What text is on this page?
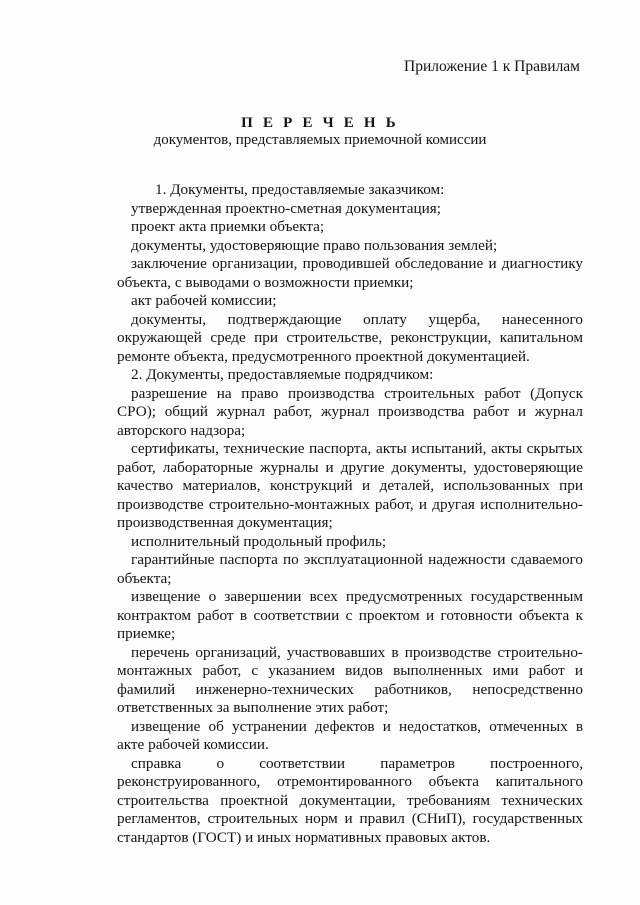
Приложение 1 к Правилам
П Е Р Е Ч Е Н Ь
документов, представляемых приемочной комиссии

1. Документы, предоставляемые заказчиком:

утвержденная проектно-сметная документация;

проект акта приемки объекта;

документы, удостоверяющие право пользования землей;

заключение организации, проводившей обследование и диагностику объекта, с выводами о возможности приемки;

акт рабочей комиссии;

документы, подтверждающие оплату ущерба, нанесенного окружающей среде при строительстве, реконструкции, капитальном ремонте объекта, предусмотренного проектной документацией.

2. Документы, предоставляемые подрядчиком:

разрешение на право производства строительных работ (Допуск СРО); общий журнал работ, журнал производства работ и журнал авторского надзора;

сертификаты, технические паспорта, акты испытаний, акты скрытых работ, лабораторные журналы и другие документы, удостоверяющие качество материалов, конструкций и деталей, использованных при производстве строительно-монтажных работ, и другая исполнительно-производственная документация;

исполнительный продольный профиль;

гарантийные паспорта по эксплуатационной надежности сдаваемого объекта;

извещение о завершении всех предусмотренных государственным контрактом работ в соответствии с проектом и готовности объекта к приемке;

перечень организаций, участвовавших в производстве строительно-монтажных работ, с указанием видов выполненных ими работ и фамилий инженерно-технических работников, непосредственно ответственных за выполнение этих работ;

извещение об устранении дефектов и недостатков, отмеченных в акте рабочей комиссии.

справка о соответствии параметров построенного, реконструированного, отремонтированного объекта капитального строительства проектной документации, требованиям технических регламентов, строительных норм и правил (СНиП), государственных стандартов (ГОСТ) и иных нормативных правовых актов.
